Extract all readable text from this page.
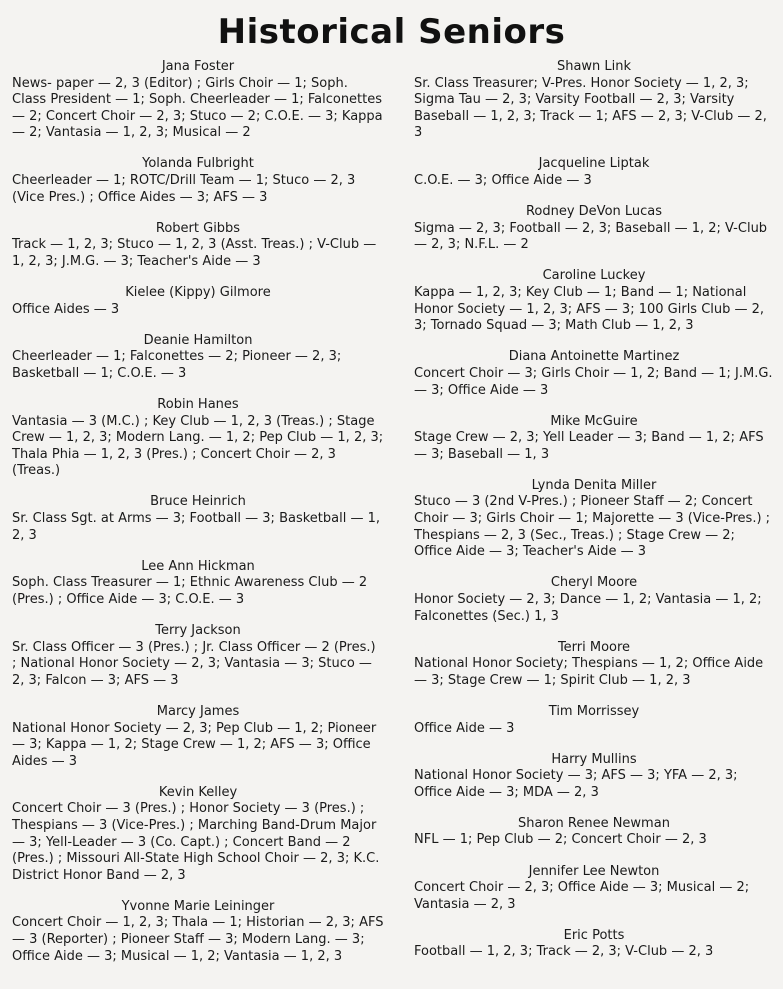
Historical Seniors
Jana Foster
News- paper — 2, 3 (Editor) ; Girls Choir — 1; Soph. Class President — 1; Soph. Cheerleader — 1; Falconettes — 2; Concert Choir — 2, 3; Stuco — 2; C.O.E. — 3; Kappa — 2; Vantasia — 1, 2, 3; Musical — 2
Yolanda Fulbright
Cheerleader — 1; ROTC/Drill Team — 1; Stuco — 2, 3 (Vice Pres.) ; Office Aides — 3; AFS — 3
Robert Gibbs
Track — 1, 2, 3; Stuco — 1, 2, 3 (Asst. Treas.) ; V-Club — 1, 2, 3; J.M.G. — 3; Teacher's Aide — 3
Kielee (Kippy) Gilmore
Office Aides — 3
Deanie Hamilton
Cheerleader — 1; Falconettes — 2; Pioneer — 2, 3; Basketball — 1; C.O.E. — 3
Robin Hanes
Vantasia — 3 (M.C.) ; Key Club — 1, 2, 3 (Treas.) ; Stage Crew — 1, 2, 3; Modern Lang. — 1, 2; Pep Club — 1, 2, 3; Thala Phia — 1, 2, 3 (Pres.) ; Concert Choir — 2, 3 (Treas.)
Bruce Heinrich
Sr. Class Sgt. at Arms — 3; Football — 3; Basketball — 1, 2, 3
Lee Ann Hickman
Soph. Class Treasurer — 1; Ethnic Awareness Club — 2 (Pres.) ; Office Aide — 3; C.O.E. — 3
Terry Jackson
Sr. Class Officer — 3 (Pres.) ; Jr. Class Officer — 2 (Pres.) ; National Honor Society — 2, 3; Vantasia — 3; Stuco — 2, 3; Falcon — 3; AFS — 3
Marcy James
National Honor Society — 2, 3; Pep Club — 1, 2; Pioneer — 3; Kappa — 1, 2; Stage Crew — 1, 2; AFS — 3; Office Aides — 3
Kevin Kelley
Concert Choir — 3 (Pres.) ; Honor Society — 3 (Pres.) ; Thespians — 3 (Vice-Pres.) ; Marching Band-Drum Major — 3; Yell-Leader — 3 (Co. Capt.) ; Concert Band — 2 (Pres.) ; Missouri All-State High School Choir — 2, 3; K.C. District Honor Band — 2, 3
Yvonne Marie Leininger
Concert Choir — 1, 2, 3; Thala — 1; Historian — 2, 3; AFS — 3 (Reporter) ; Pioneer Staff — 3; Modern Lang. — 3; Office Aide — 3; Musical — 1, 2; Vantasia — 1, 2, 3
Shawn Link
Sr. Class Treasurer; V-Pres. Honor Society — 1, 2, 3; Sigma Tau — 2, 3; Varsity Football — 2, 3; Varsity Baseball — 1, 2, 3; Track — 1; AFS — 2, 3; V-Club — 2, 3
Jacqueline Liptak
C.O.E. — 3; Office Aide — 3
Rodney DeVon Lucas
Sigma — 2, 3; Football — 2, 3; Baseball — 1, 2; V-Club — 2, 3; N.F.L. — 2
Caroline Luckey
Kappa — 1, 2, 3; Key Club — 1; Band — 1; National Honor Society — 1, 2, 3; AFS — 3; 100 Girls Club — 2, 3; Tornado Squad — 3; Math Club — 1, 2, 3
Diana Antoinette Martinez
Concert Choir — 3; Girls Choir — 1, 2; Band — 1; J.M.G. — 3; Office Aide — 3
Mike McGuire
Stage Crew — 2, 3; Yell Leader — 3; Band — 1, 2; AFS — 3; Baseball — 1, 3
Lynda Denita Miller
Stuco — 3 (2nd V-Pres.) ; Pioneer Staff — 2; Concert Choir — 3; Girls Choir — 1; Majorette — 3 (Vice-Pres.) ; Thespians — 2, 3 (Sec., Treas.) ; Stage Crew — 2; Office Aide — 3; Teacher's Aide — 3
Cheryl Moore
Honor Society — 2, 3; Dance — 1, 2; Vantasia — 1, 2; Falconettes (Sec.) 1, 3
Terri Moore
National Honor Society; Thespians — 1, 2; Office Aide — 3; Stage Crew — 1; Spirit Club — 1, 2, 3
Tim Morrissey
Office Aide — 3
Harry Mullins
National Honor Society — 3; AFS — 3; YFA — 2, 3; Office Aide — 3; MDA — 2, 3
Sharon Renee Newman
NFL — 1; Pep Club — 2; Concert Choir — 2, 3
Jennifer Lee Newton
Concert Choir — 2, 3; Office Aide — 3; Musical — 2; Vantasia — 2, 3
Eric Potts
Football — 1, 2, 3; Track — 2, 3; V-Club — 2, 3
